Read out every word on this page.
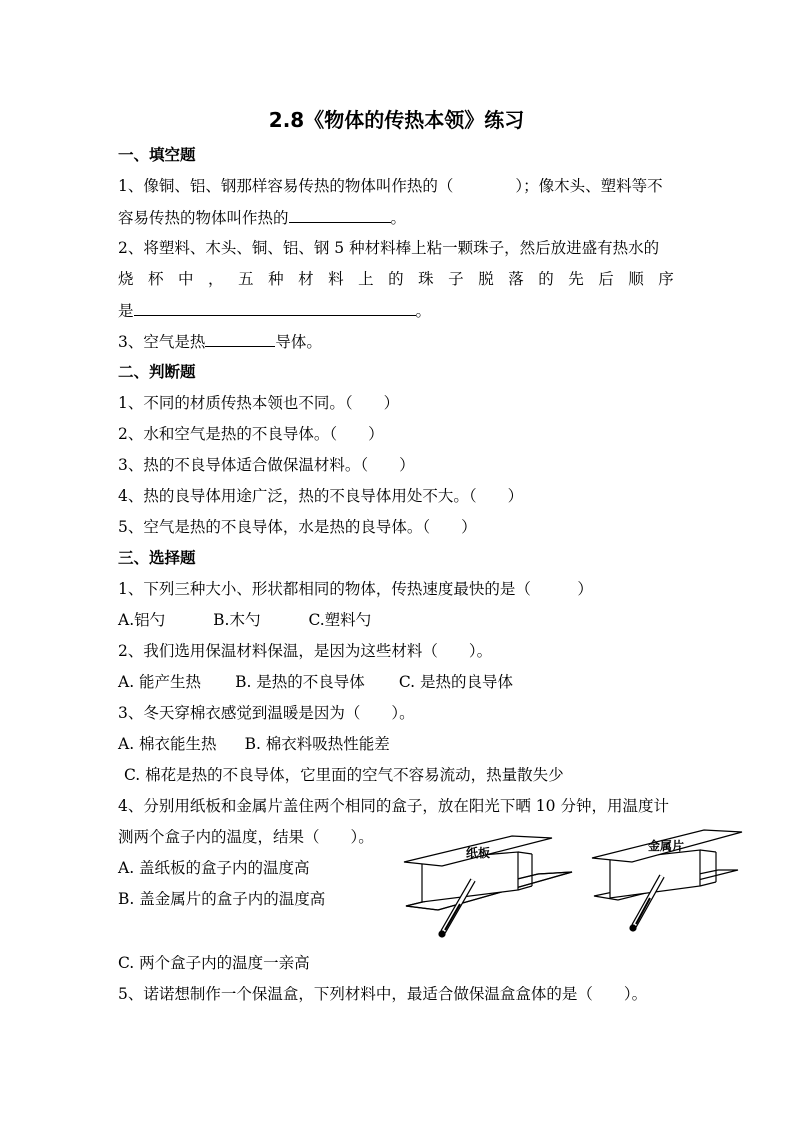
2.8《物体的传热本领》练习
一、填空题
1、像铜、铝、钢那样容易传热的物体叫作热的（　　　　）；像木头、塑料等不
容易传热的物体叫作热的	。
2、将塑料、木头、铜、铝、钢 5 种材料棒上粘一颗珠子，然后放进盛有热水的
烧 杯 中 ， 五 种 材 料 上 的 珠 子 脱 落 的 先 后 顺 序
是	。
3、空气是热	导体。
二、判断题
1、不同的材质传热本领也不同。（　　）
2、水和空气是热的不良导体。（　　）
3、热的不良导体适合做保温材料。（　　）
4、热的良导体用途广泛，热的不良导体用处不大。（　　）
5、空气是热的不良导体，水是热的良导体。（　　）
三、选择题
1、下列三种大小、形状都相同的物体，传热速度最快的是（　　　）
A.铝勺	B.木勺	C.塑料勺
2、我们选用保温材料保温，是因为这些材料（　　）。
A. 能产生热 B. 是热的不良导体 C. 是热的良导体
3、冬天穿棉衣感觉到温暖是因为（　　）。
A. 棉衣能生热 B. 棉衣料吸热性能差
C. 棉花是热的不良导体，它里面的空气不容易流动，热量散失少
4、分别用纸板和金属片盖住两个相同的盒子，放在阳光下晒 10 分钟，用温度计
测两个盒子内的温度，结果（　　）。
A. 盖纸板的盒子内的温度高
B. 盖金属片的盒子内的温度高
C. 两个盒子内的温度一亲高
5、诺诺想制作一个保温盒，下列材料中，最适合做保温盒盒体的是（　　）。
纸板	金属片
